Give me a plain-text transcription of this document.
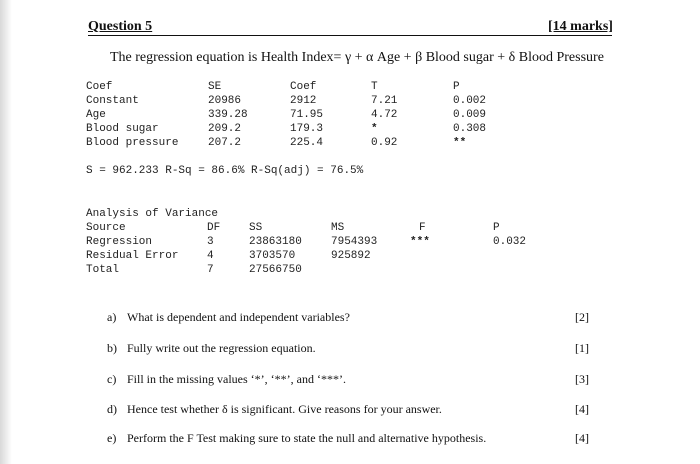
Question 5	[14 marks]
The regression equation is Health Index= γ + α Age + β Blood sugar + δ Blood Pressure
Coef	SE	Coef	T	P
Constant	20986	2912	7.21	0.002
Age	339.28	71.95	4.72	0.009
Blood sugar	209.2	179.3	*	0.308
Blood pressure	207.2	225.4	0.92	**
S = 962.233 R-Sq = 86.6% R-Sq(adj) = 76.5%
Analysis of Variance
Source	DF	SS	MS	F	P
Regression	3	23863180	7954393	***	0.032
Residual Error	4	3703570	925892
Total	7	27566750
a) What is dependent and independent variables?	[2]
b) Fully write out the regression equation.	[1]
c) Fill in the missing values ‘*’, ‘**’, and ‘***’.	[3]
d) Hence test whether δ is significant. Give reasons for your answer.	[4]
e) Perform the F Test making sure to state the null and alternative hypothesis.	[4]
